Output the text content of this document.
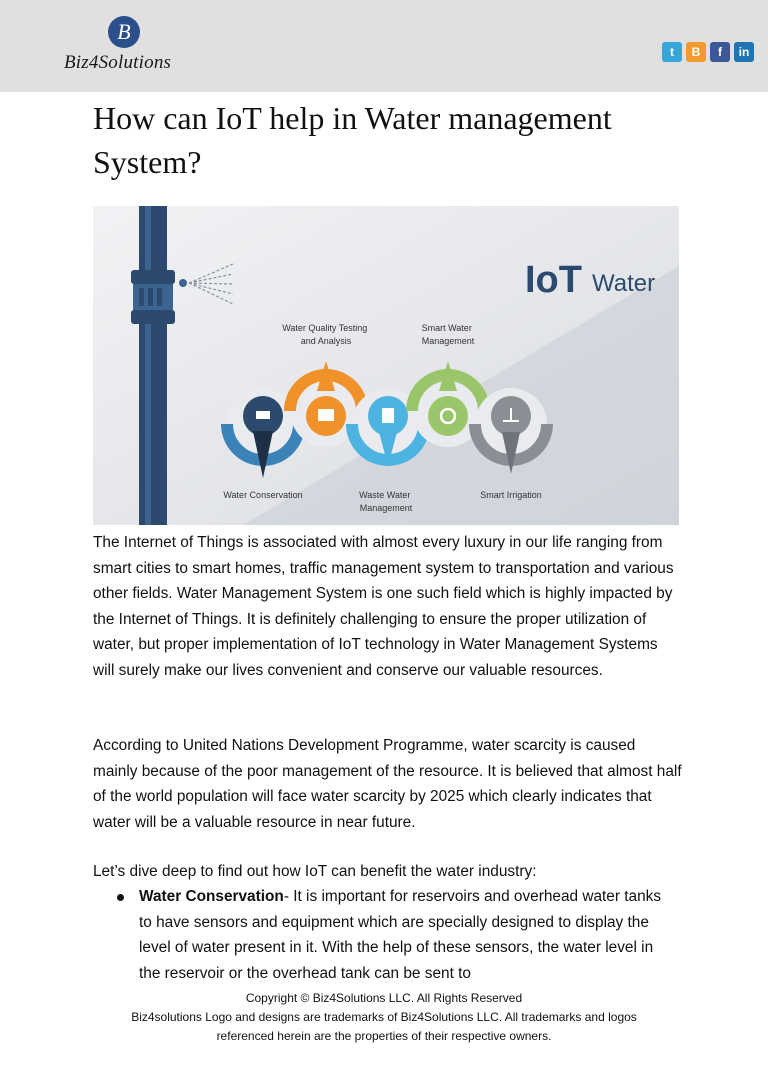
B
Biz4Solutions	t	B	f	in
How can IoT help in Water management System?
IoT Water
Water Quality Testing and Analysis
Smart Water Management
Water Conservation	Waste Water Management
Smart Irrigation

The Internet of Things is associated with almost every luxury in our life ranging from smart cities to smart homes, traffic management system to transportation and various other fields. Water Management System is one such field which is highly impacted by the Internet of Things. It is definitely challenging to ensure the proper utilization of water, but proper implementation of IoT technology in Water Management Systems will surely make our lives convenient and conserve our valuable resources.

According to United Nations Development Programme, water scarcity is caused mainly because of the poor management of the resource. It is believed that almost half of the world population will face water scarcity by 2025 which clearly indicates that water will be a valuable resource in near future.

Let’s dive deep to find out how IoT can benefit the water industry:

Water Conservation- It is important for reservoirs and overhead water tanks to have sensors and equipment which are specially designed to display the level of water present in it. With the help of these sensors, the water level in the reservoir or the overhead tank can be sent to
Copyright © Biz4Solutions LLC. All Rights Reserved
Biz4solutions Logo and designs are trademarks of Biz4Solutions LLC. All trademarks and logos
referenced herein are the properties of their respective owners.
